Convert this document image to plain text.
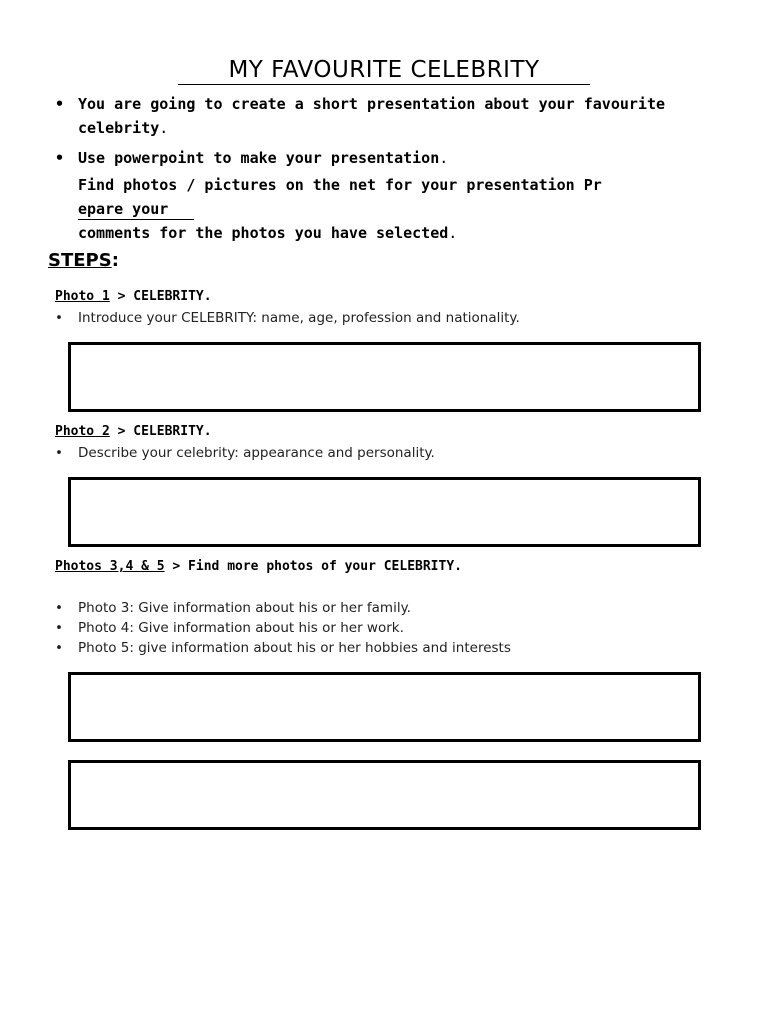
MY FAVOURITE CELEBRITY
• You are going to create a short presentation about your favourite
celebrity.
• Use powerpoint to make your presentation.
Find photos / pictures on the net for your presentation Prepare your
comments for the photos you have selected.
STEPS:
Photo 1 > CELEBRITY.
• Introduce your CELEBRITY: name, age, profession and nationality.
Photo 2 > CELEBRITY.
• Describe your celebrity: appearance and personality.
Photos 3,4 & 5 > Find more photos of your CELEBRITY.
• Photo 3: Give information about his or her family.
• Photo 4: Give information about his or her work.
• Photo 5: give information about his or her hobbies and interests
